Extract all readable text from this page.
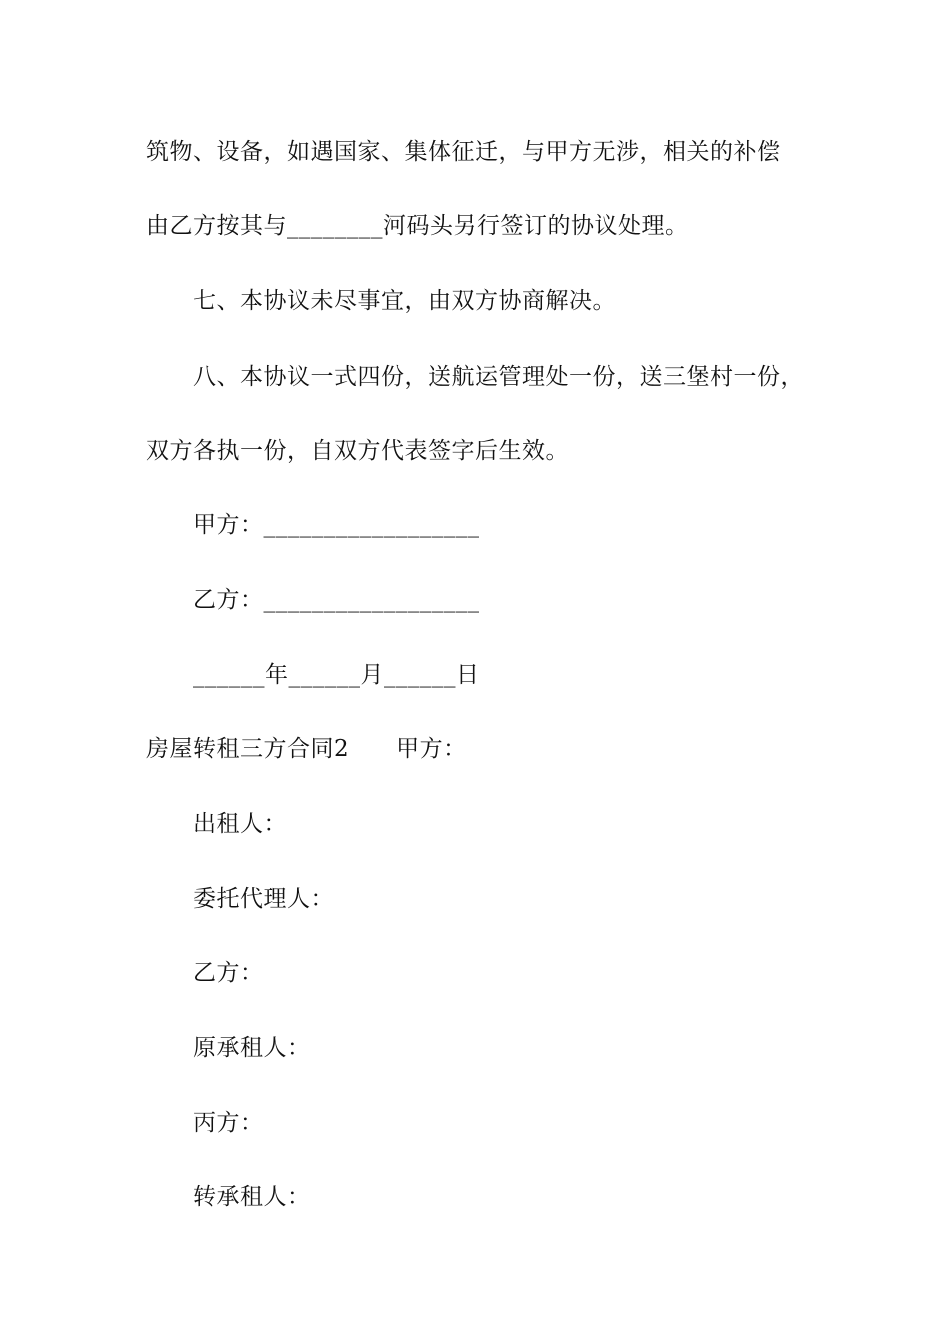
筑物、设备，如遇国家、集体征迁，与甲方无涉，相关的补偿
由乙方按其与________河码头另行签订的协议处理。
七、本协议未尽事宜，由双方协商解决。
八、本协议一式四份，送航运管理处一份，送三堡村一份，
双方各执一份，自双方代表签字后生效。
甲方：__________________
乙方：__________________
______年______月______日
房屋转租三方合同2　　甲方：
出租人：
委托代理人：
乙方：
原承租人：
丙方：
转承租人：
